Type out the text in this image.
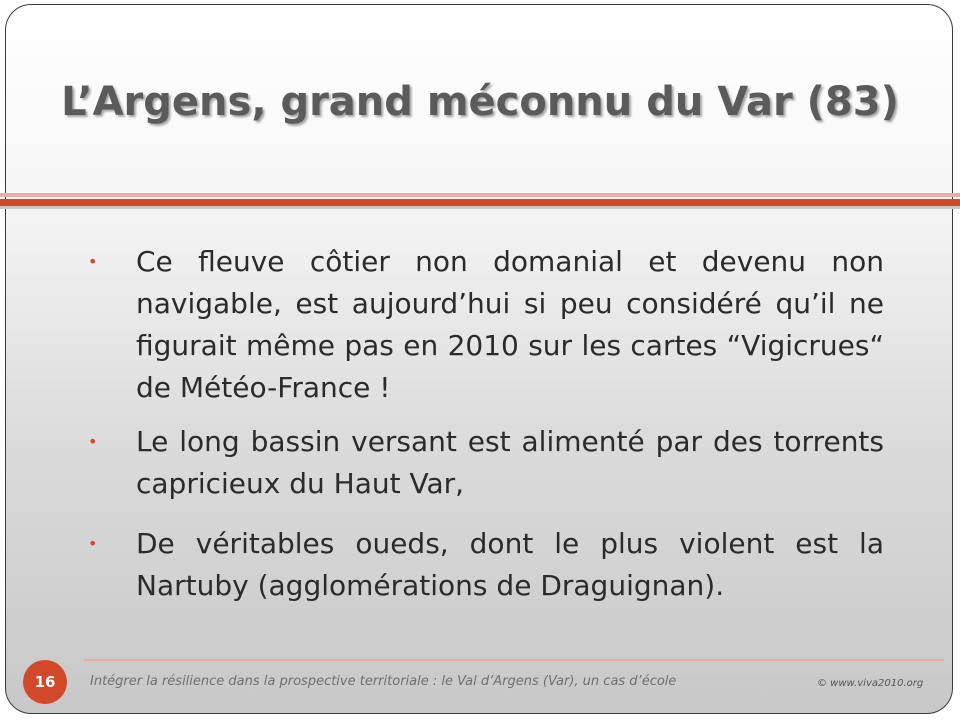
L’Argens, grand méconnu du Var (83)
• Ce fleuve côtier non domanial et devenu non navigable, est aujourd’hui si peu considéré qu’il ne figurait même pas en 2010 sur les cartes “Vigicrues“ de Météo-France !
• Le long bassin versant est alimenté par des torrents capricieux du Haut Var,
• De véritables oueds, dont le plus violent est la Nartuby (agglomérations de Draguignan).
16	Intégrer la résilience dans la prospective territoriale : le Val d’Argens (Var), un cas d’école	© www.viva2010.org
